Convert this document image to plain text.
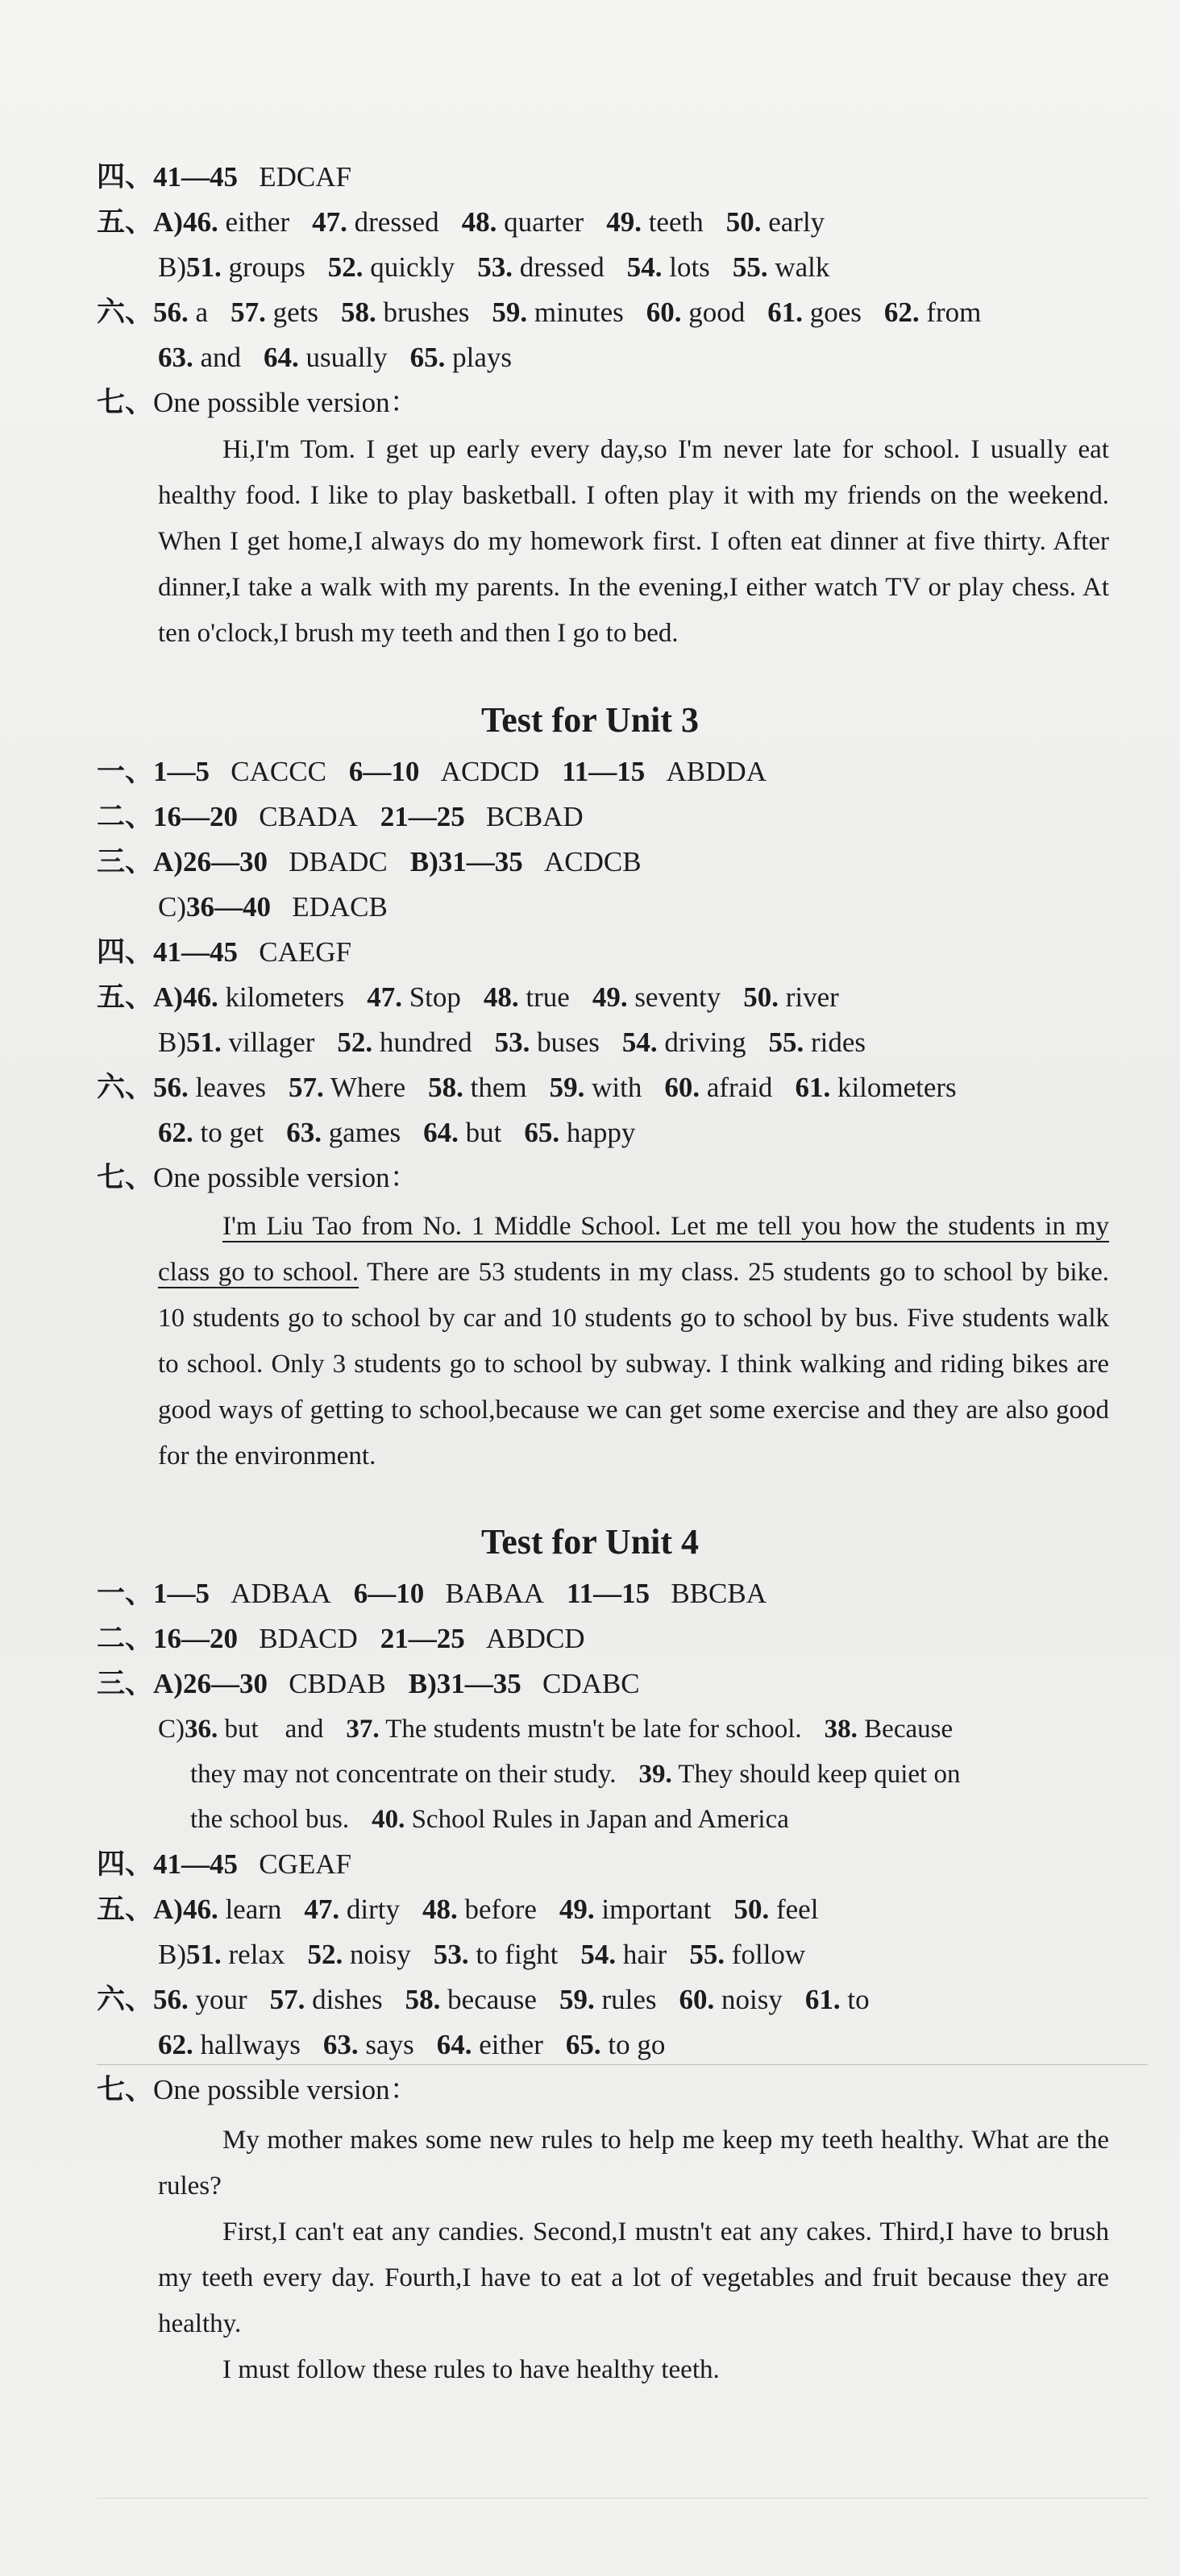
四、41—45 EDCAF
五、A)46. either 47. dressed 48. quarter 49. teeth 50. early
B)51. groups 52. quickly 53. dressed 54. lots 55. walk
六、56. a 57. gets 58. brushes 59. minutes 60. good 61. goes 62. from
63. and 64. usually 65. plays
七、One possible version：

Hi,I'm Tom. I get up early every day,so I'm never late for school. I usually eat healthy food. I like to play basketball. I often play it with my friends on the weekend. When I get home,I always do my homework first. I often eat dinner at five thirty. After dinner,I take a walk with my parents. In the evening,I either watch TV or play chess. At ten o'clock,I brush my teeth and then I go to bed.

Test for Unit 3
一、1—5 CACCC 6—10 ACDCD 11—15 ABDDA
二、16—20 CBADA 21—25 BCBAD
三、A)26—30 DBADC B)31—35 ACDCB
C)36—40 EDACB
四、41—45 CAEGF
五、A)46. kilometers 47. Stop 48. true 49. seventy 50. river
B)51. villager 52. hundred 53. buses 54. driving 55. rides
六、56. leaves 57. Where 58. them 59. with 60. afraid 61. kilometers
62. to get 63. games 64. but 65. happy
七、One possible version：

I'm Liu Tao from No. 1 Middle School. Let me tell you how the students in my class go to school. There are 53 students in my class. 25 students go to school by bike. 10 students go to school by car and 10 students go to school by bus. Five students walk to school. Only 3 students go to school by subway. I think walking and riding bikes are good ways of getting to school,because we can get some exercise and they are also good for the environment.

Test for Unit 4
一、1—5 ADBAA 6—10 BABAA 11—15 BBCBA
二、16—20 BDACD 21—25 ABDCD
三、A)26—30 CBDAB B)31—35 CDABC
C)36. but    and 37. The students mustn't be late for school. 38. Because
they may not concentrate on their study. 39. They should keep quiet on
the school bus. 40. School Rules in Japan and America
四、41—45 CGEAF
五、A)46. learn 47. dirty 48. before 49. important 50. feel
B)51. relax 52. noisy 53. to fight 54. hair 55. follow
六、56. your 57. dishes 58. because 59. rules 60. noisy 61. to
62. hallways 63. says 64. either 65. to go
七、One possible version：

My mother makes some new rules to help me keep my teeth healthy. What are the rules?

First,I can't eat any candies. Second,I mustn't eat any cakes. Third,I have to brush my teeth every day. Fourth,I have to eat a lot of vegetables and fruit because they are healthy.

I must follow these rules to have healthy teeth.
